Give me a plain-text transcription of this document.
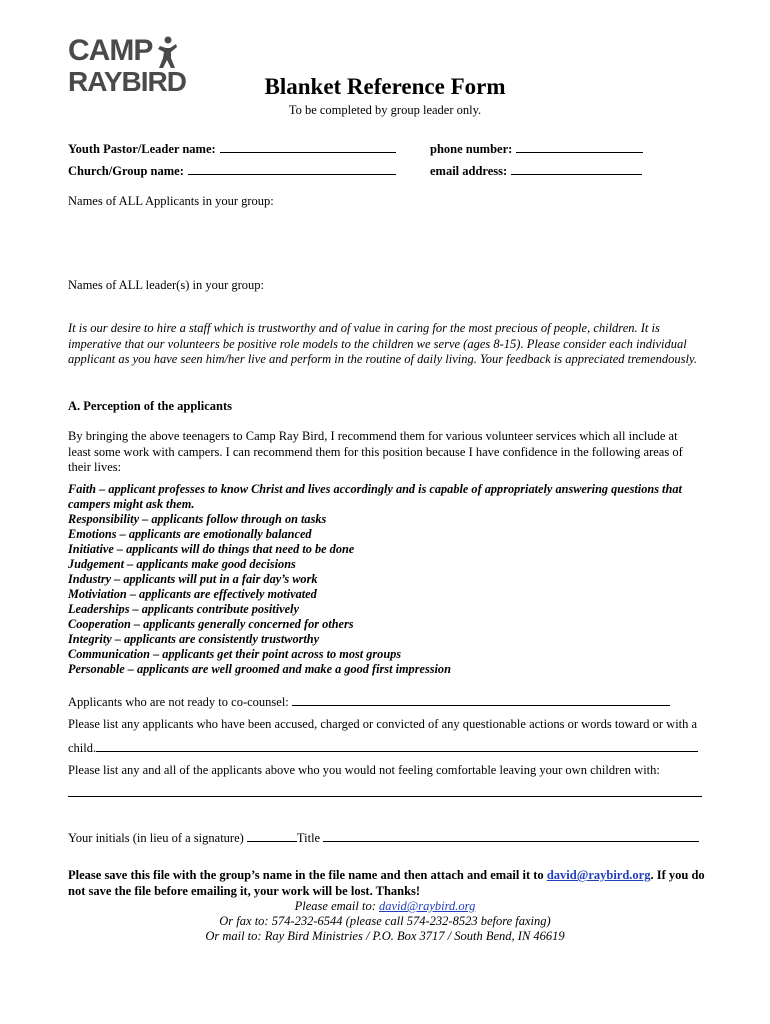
CAMP
RAYBIRD	Blanket Reference Form
To be completed by group leader only.
Youth Pastor/Leader name:	phone number:
Church/Group name:	email address:
Names of ALL Applicants in your group:
Names of ALL leader(s) in your group:
It is our desire to hire a staff which is trustworthy and of value in caring for the most precious of people, children. It is imperative that our volunteers be positive role models to the children we serve (ages 8-15). Please consider each individual applicant as you have seen him/her live and perform in the routine of daily living. Your feedback is appreciated tremendously.
A. Perception of the applicants
By bringing the above teenagers to Camp Ray Bird, I recommend them for various volunteer services which all include at least some work with campers. I can recommend them for this position because I have confidence in the following areas of their lives:
Faith – applicant professes to know Christ and lives accordingly and is capable of appropriately answering questions that campers might ask them.
Responsibility – applicants follow through on tasks
Emotions – applicants are emotionally balanced
Initiative – applicants will do things that need to be done
Judgement – applicants make good decisions
Industry – applicants will put in a fair day’s work
Motiviation – applicants are effectively motivated
Leaderships – applicants contribute positively
Cooperation – applicants generally concerned for others
Integrity – applicants are consistently trustworthy
Communication – applicants get their point across to most groups
Personable – applicants are well groomed and make a good first impression
Applicants who are not ready to co-counsel:
Please list any applicants who have been accused, charged or convicted of any questionable actions or words toward or with a
child.
Please list any and all of the applicants above who you would not feeling comfortable leaving your own children with:
Your initials (in lieu of a signature)	Title
Please save this file with the group’s name in the file name and then attach and email it to david@raybird.org. If you do not save the file before emailing it, your work will be lost. Thanks!
Please email to: david@raybird.org
Or fax to: 574-232-6544 (please call 574-232-8523 before faxing)
Or mail to: Ray Bird Ministries / P.O. Box 3717 / South Bend, IN 46619
